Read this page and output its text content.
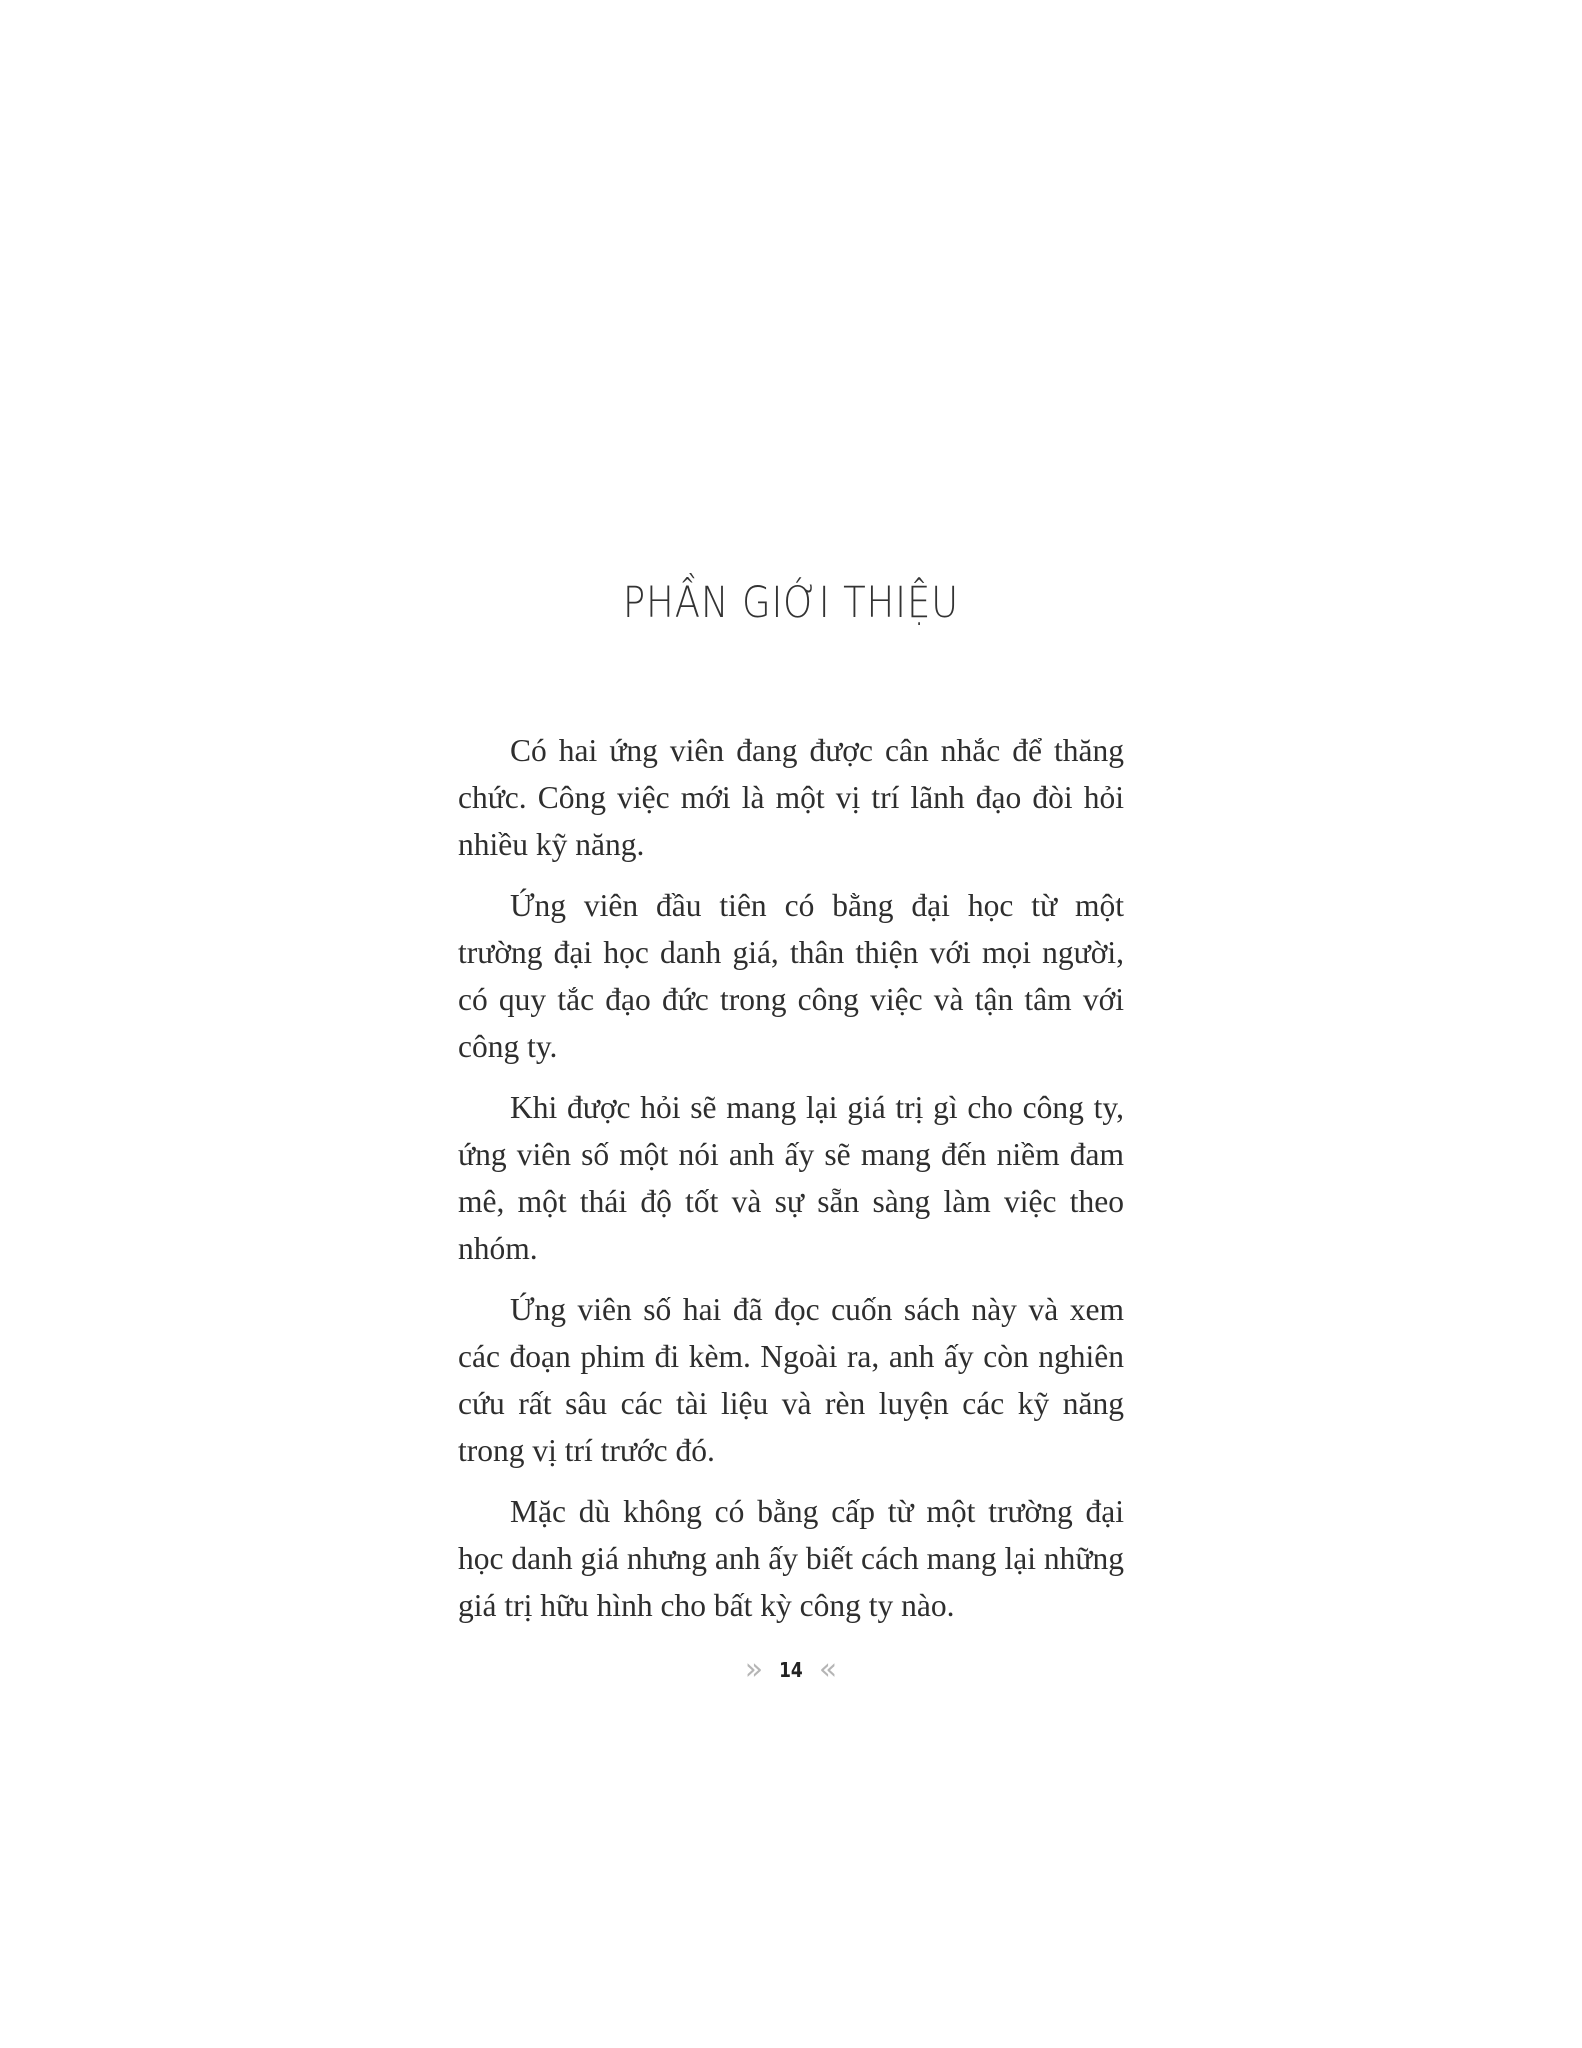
PHẦN GIỚI THIỆU

Có hai ứng viên đang được cân nhắc để thăng chức. Công việc mới là một vị trí lãnh đạo đòi hỏi nhiều kỹ năng.

Ứng viên đầu tiên có bằng đại học từ một trường đại học danh giá, thân thiện với mọi người, có quy tắc đạo đức trong công việc và tận tâm với công ty.

Khi được hỏi sẽ mang lại giá trị gì cho công ty, ứng viên số một nói anh ấy sẽ mang đến niềm đam mê, một thái độ tốt và sự sẵn sàng làm việc theo nhóm.

Ứng viên số hai đã đọc cuốn sách này và xem các đoạn phim đi kèm. Ngoài ra, anh ấy còn nghiên cứu rất sâu các tài liệu và rèn luyện các kỹ năng trong vị trí trước đó.

Mặc dù không có bằng cấp từ một trường đại học danh giá nhưng anh ấy biết cách mang lại những giá trị hữu hình cho bất kỳ công ty nào.

» 14 «
